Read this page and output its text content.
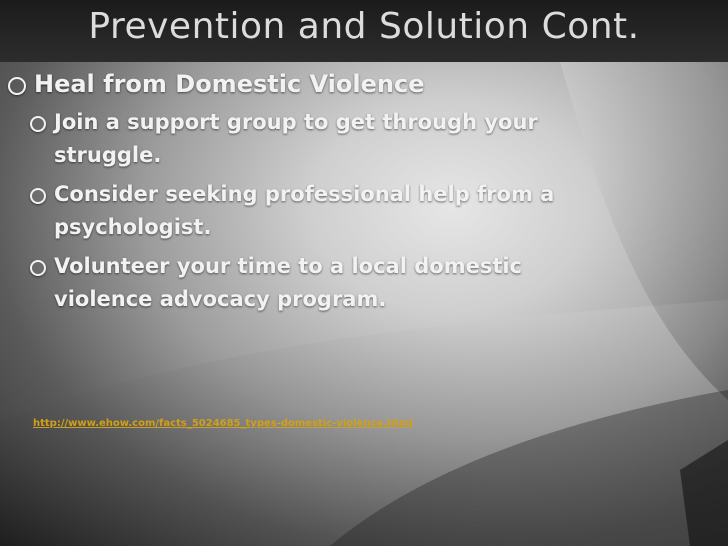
Prevention and Solution Cont.
Heal from Domestic Violence
Join a support group to get through your struggle.
Consider seeking professional help from a psychologist.
Volunteer your time to a local domestic violence advocacy program.
http://www.ehow.com/facts_5024685_types-domestic-violence.html
